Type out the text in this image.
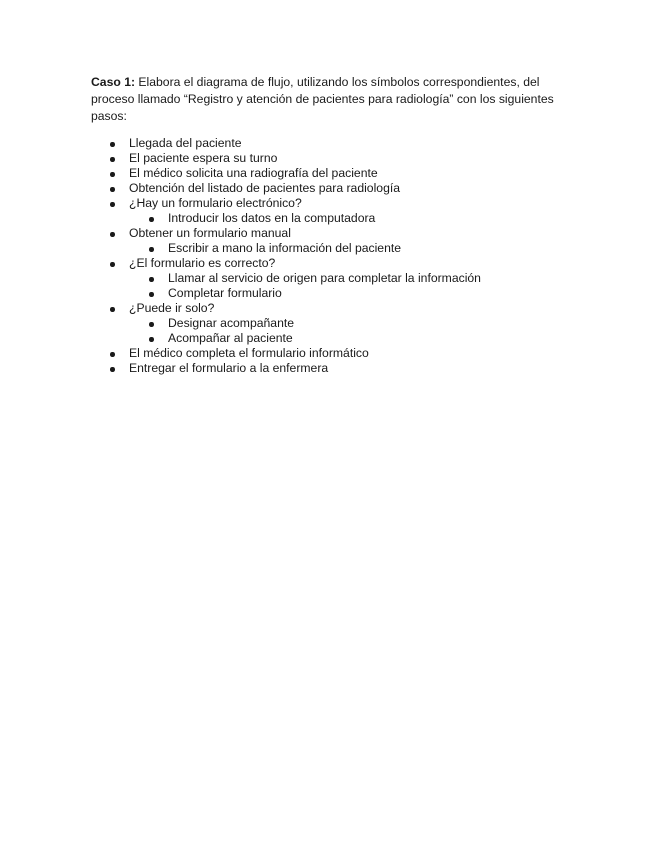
Caso 1: Elabora el diagrama de flujo, utilizando los símbolos correspondientes, del proceso llamado “Registro y atención de pacientes para radiología” con los siguientes pasos:

Llegada del paciente
El paciente espera su turno
El médico solicita una radiografía del paciente
Obtención del listado de pacientes para radiología
¿Hay un formulario electrónico?
Introducir los datos en la computadora
Obtener un formulario manual
Escribir a mano la información del paciente
¿El formulario es correcto?
Llamar al servicio de origen para completar la información
Completar formulario
¿Puede ir solo?
Designar acompañante
Acompañar al paciente
El médico completa el formulario informático
Entregar el formulario a la enfermera
